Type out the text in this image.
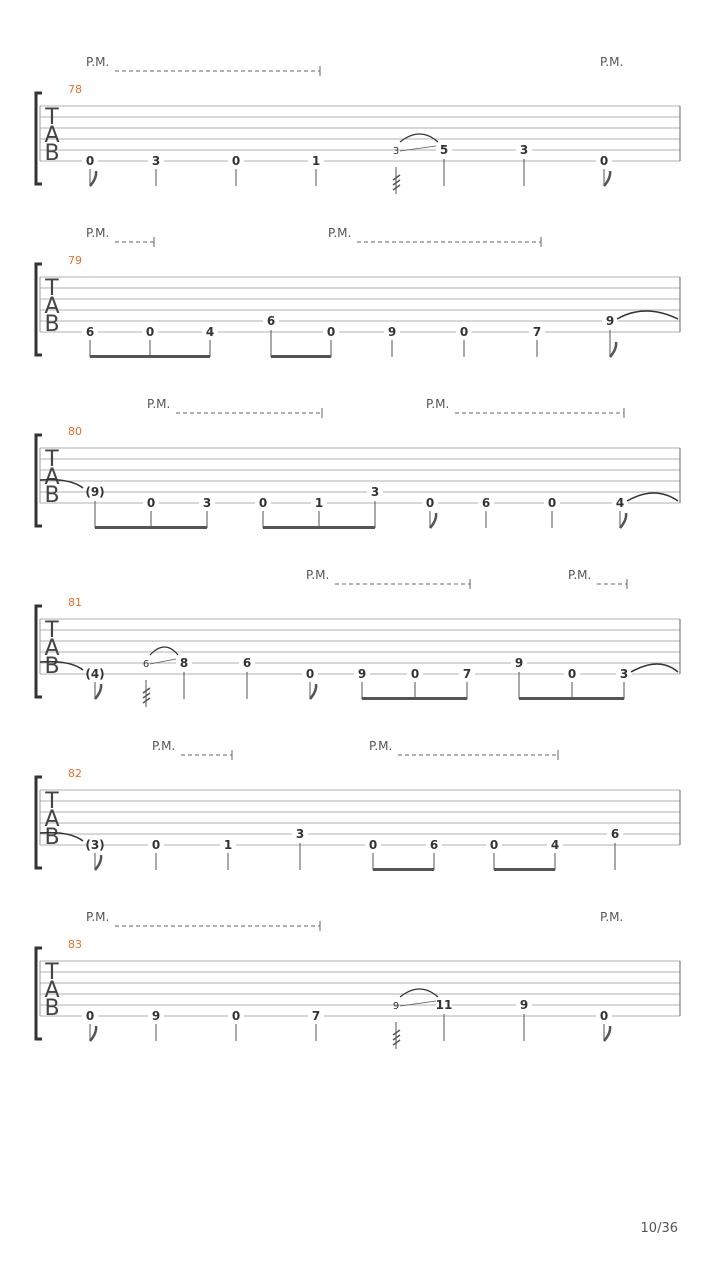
P.M.	P.M.
78
T
A
B 0	3	0	1
5
3	3
0
P.M.	P.M.
79
T
A
B 6	0	4
6
0	9	0	7
9
P.M.	P.M.
80
T
A
B (9)
0	3	0	1
3
0	6	0	4
P.M.	P.M.
81
T
A
B (4)
8
6	6
0	9	0	7
9
0	3
P.M.	P.M.
82
T
A
B (3)	0	1
3
0	6	0	4
6
P.M.	P.M.
83
T
A
B 0	9	0	7
11
9	9
0
10/36
